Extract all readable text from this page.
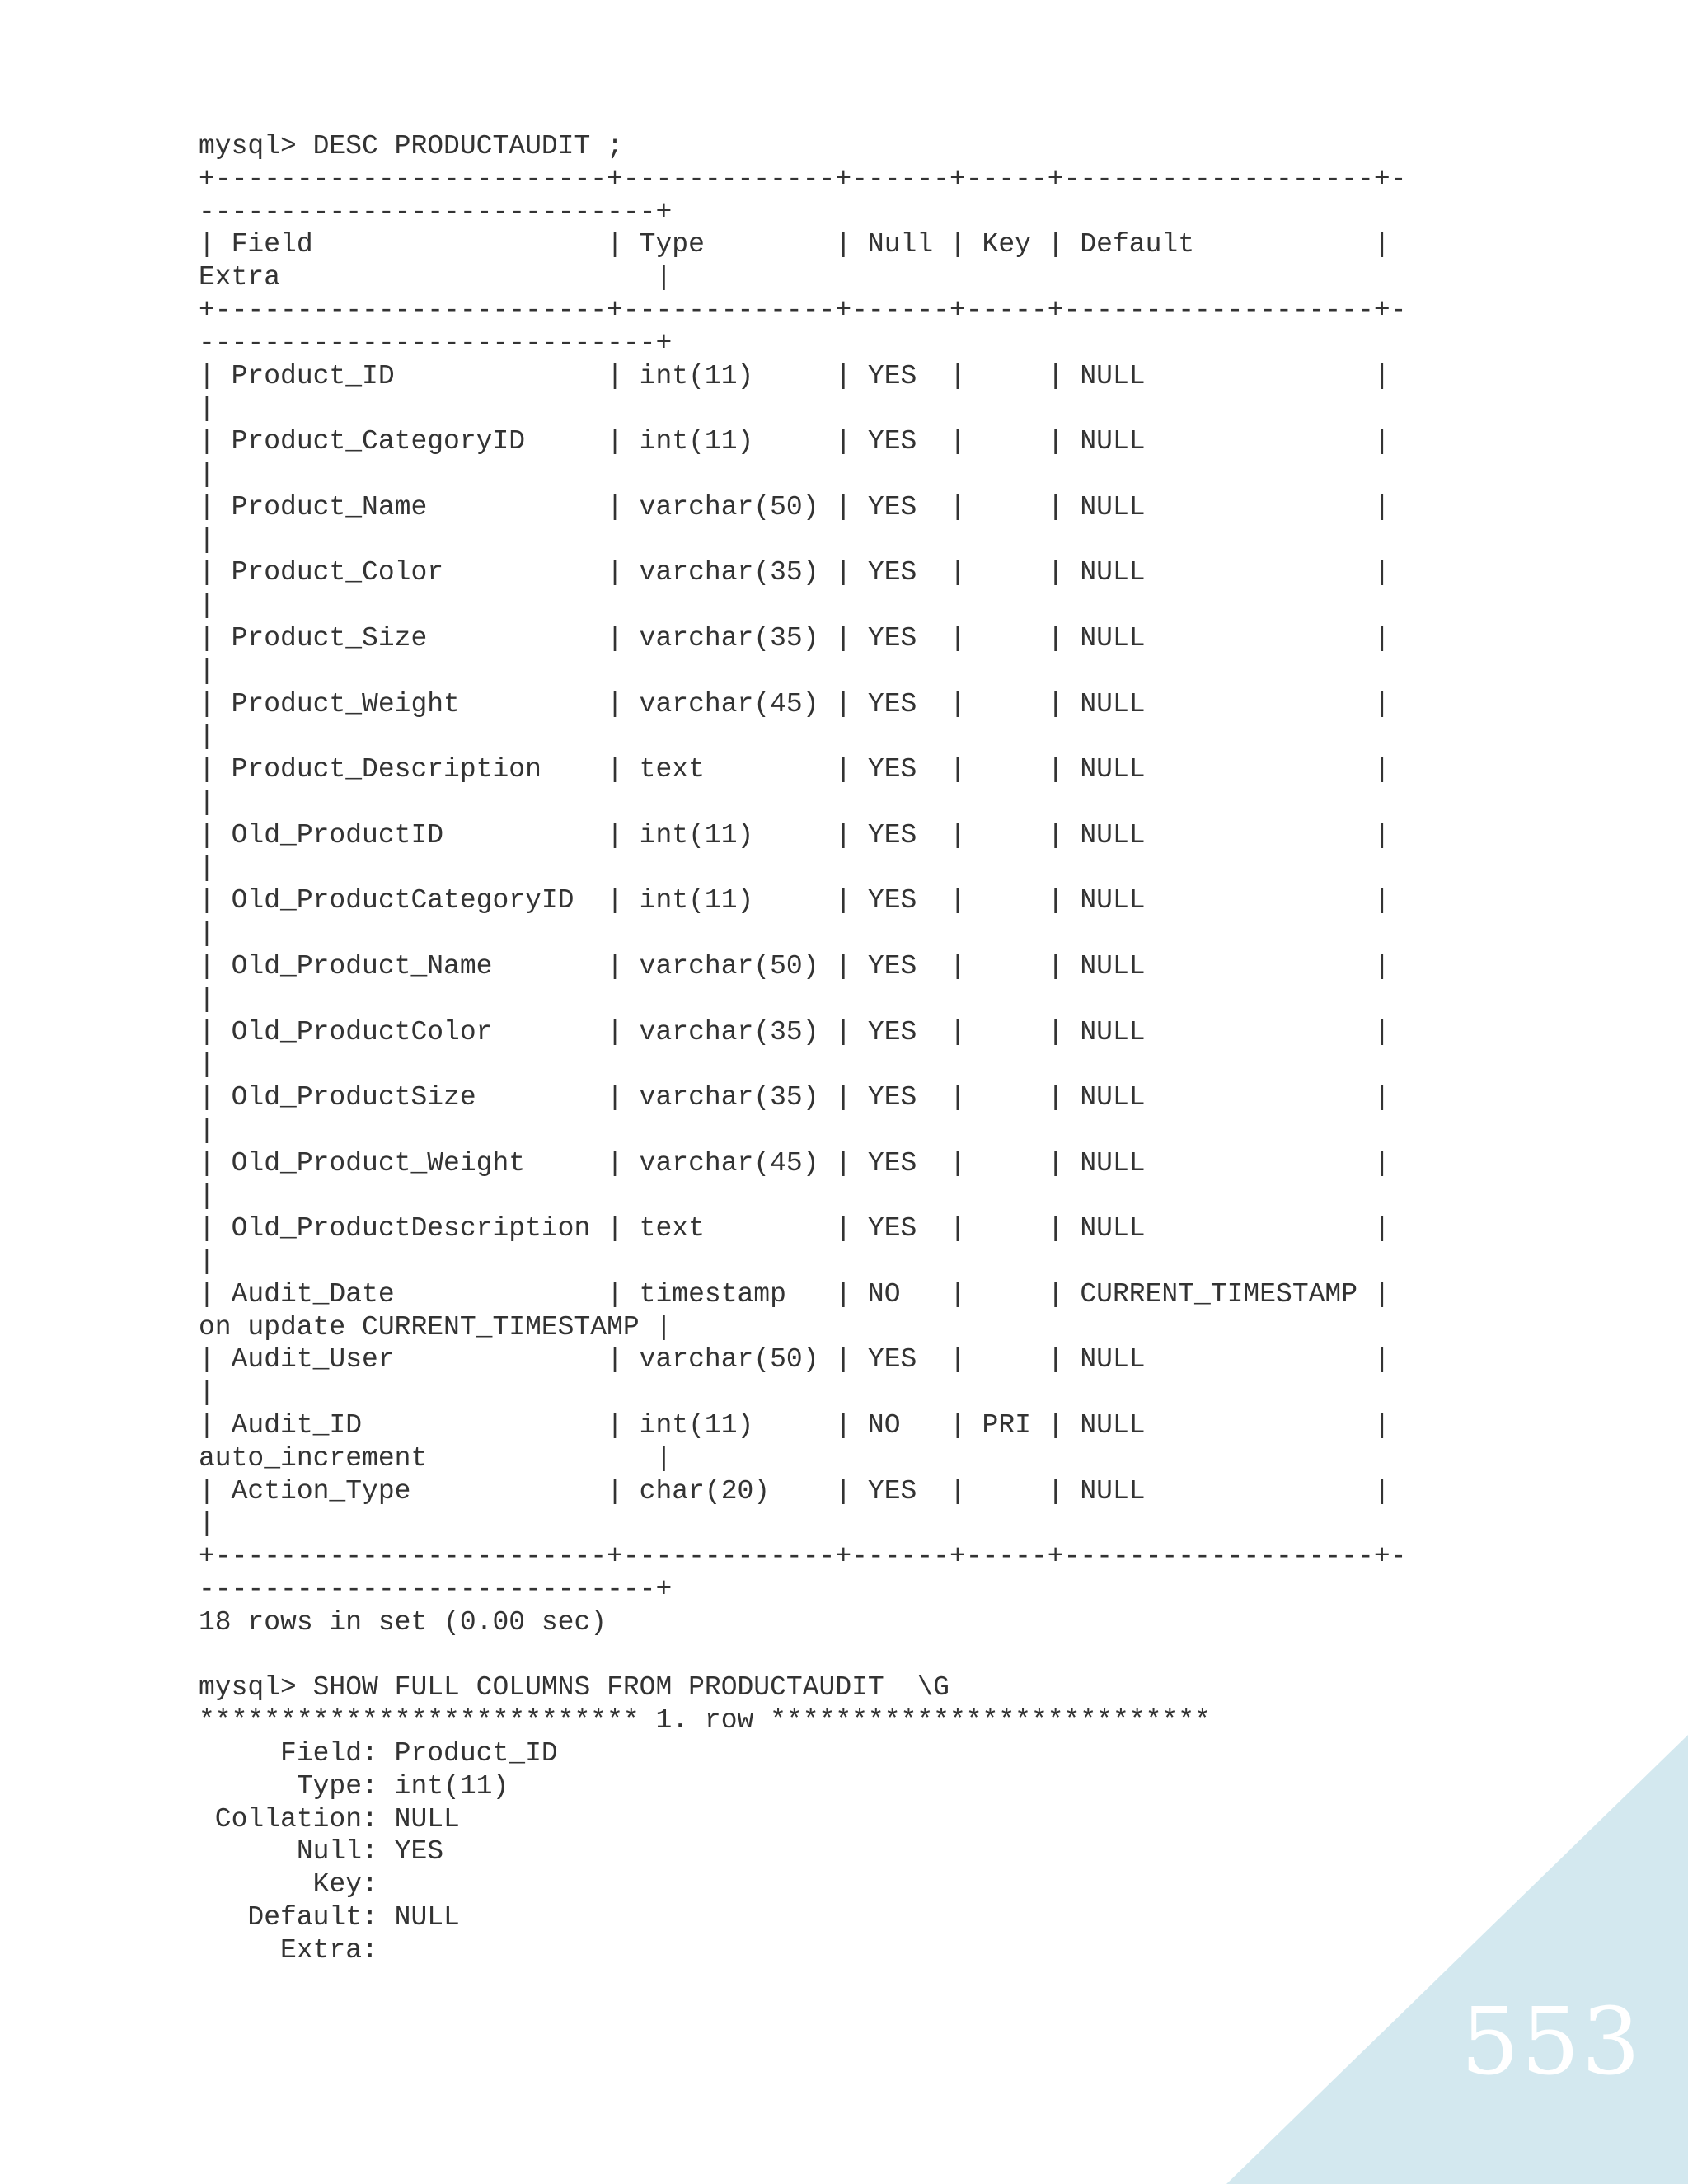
mysql> DESC PRODUCTAUDIT ;
+------------------------+-------------+------+-----+-------------------+-
----------------------------+
| Field                  | Type        | Null | Key | Default           |
Extra                       |
+------------------------+-------------+------+-----+-------------------+-
----------------------------+
| Product_ID             | int(11)     | YES  |     | NULL              |
|
| Product_CategoryID     | int(11)     | YES  |     | NULL              |
|
| Product_Name           | varchar(50) | YES  |     | NULL              |
|
| Product_Color          | varchar(35) | YES  |     | NULL              |
|
| Product_Size           | varchar(35) | YES  |     | NULL              |
|
| Product_Weight         | varchar(45) | YES  |     | NULL              |
|
| Product_Description    | text        | YES  |     | NULL              |
|
| Old_ProductID          | int(11)     | YES  |     | NULL              |
|
| Old_ProductCategoryID  | int(11)     | YES  |     | NULL              |
|
| Old_Product_Name       | varchar(50) | YES  |     | NULL              |
|
| Old_ProductColor       | varchar(35) | YES  |     | NULL              |
|
| Old_ProductSize        | varchar(35) | YES  |     | NULL              |
|
| Old_Product_Weight     | varchar(45) | YES  |     | NULL              |
|
| Old_ProductDescription | text        | YES  |     | NULL              |
|
| Audit_Date             | timestamp   | NO   |     | CURRENT_TIMESTAMP |
on update CURRENT_TIMESTAMP |
| Audit_User             | varchar(50) | YES  |     | NULL              |
|
| Audit_ID               | int(11)     | NO   | PRI | NULL              |
auto_increment              |
| Action_Type            | char(20)    | YES  |     | NULL              |
|
+------------------------+-------------+------+-----+-------------------+-
----------------------------+
18 rows in set (0.00 sec)

mysql> SHOW FULL COLUMNS FROM PRODUCTAUDIT  \G
*************************** 1. row ***************************
Field: Product_ID
Type: int(11)
Collation: NULL
Null: YES
Key:
Default: NULL
Extra:
553
